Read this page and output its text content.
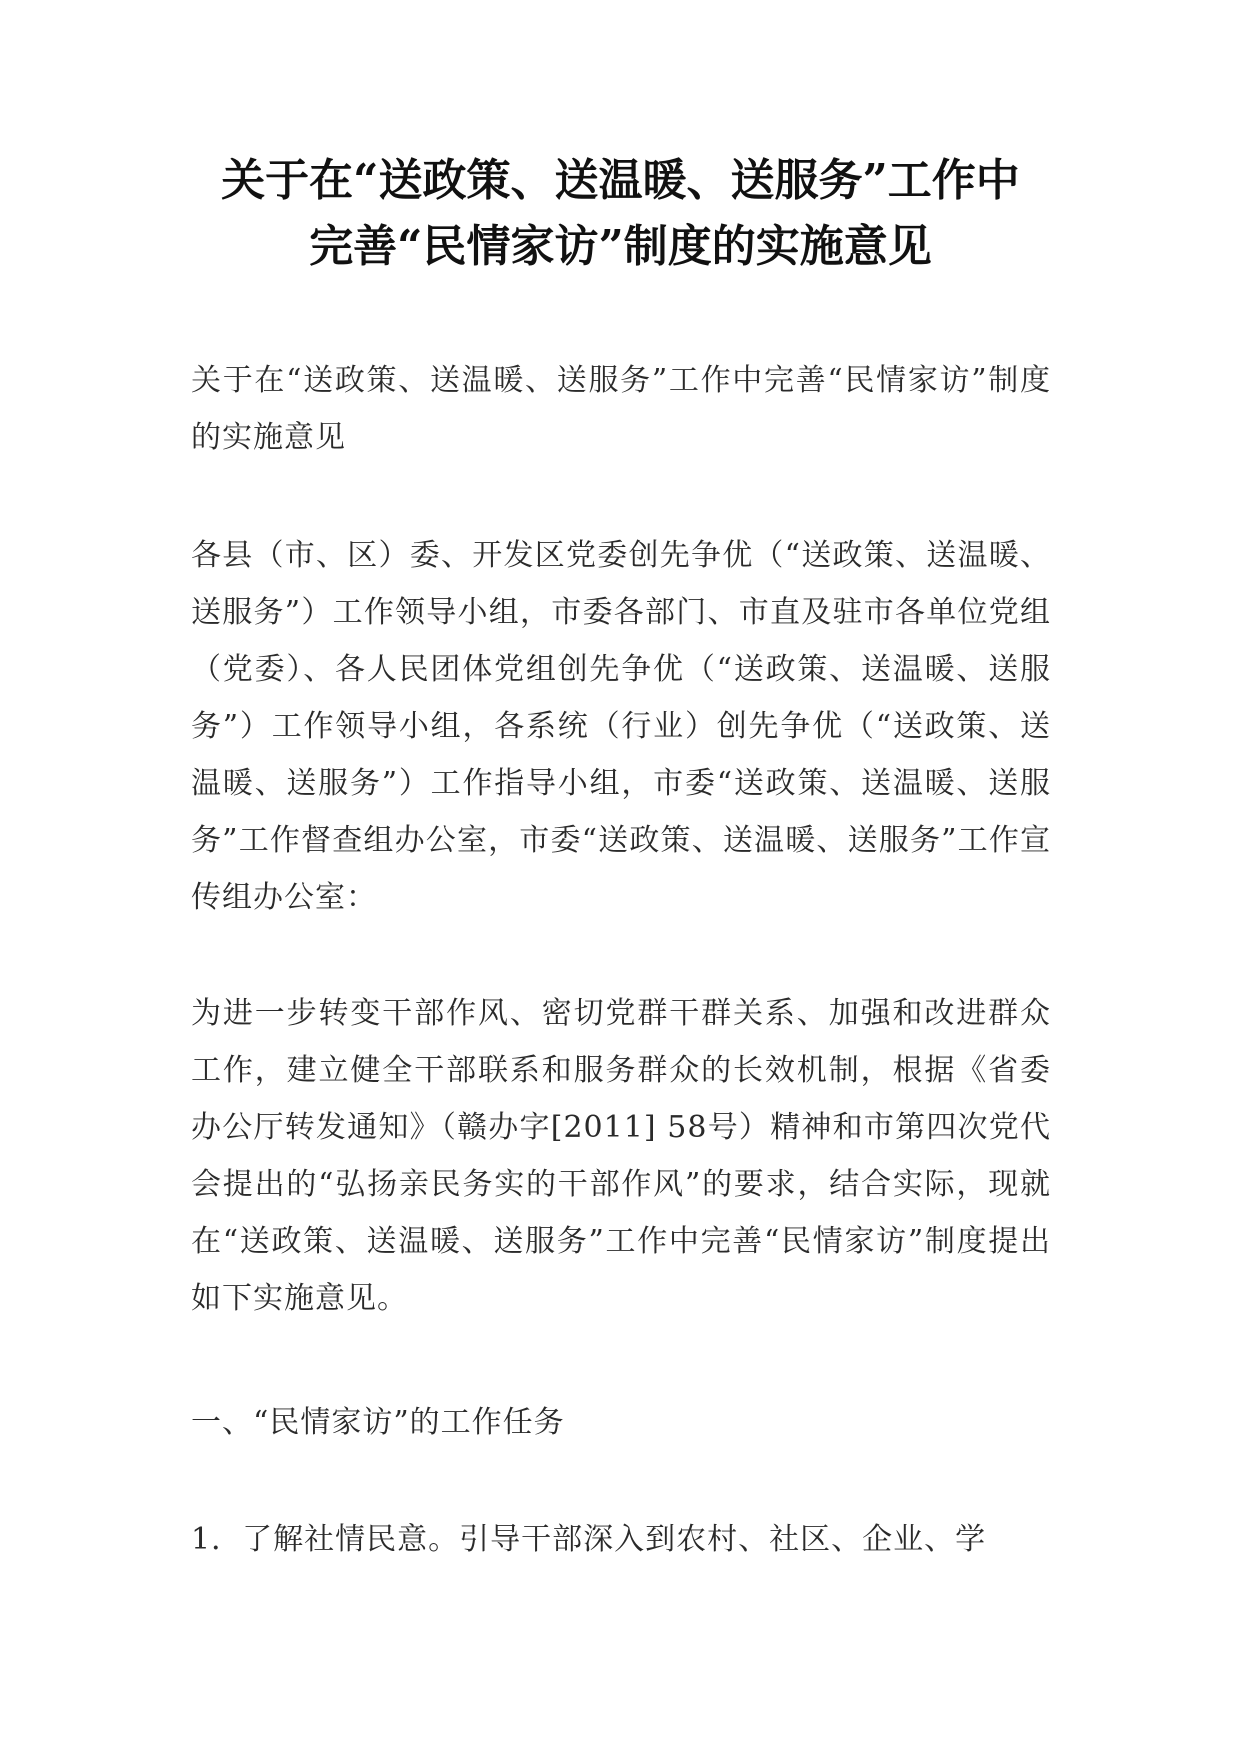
关于在“送政策、送温暖、送服务”工作中
完善“民情家访”制度的实施意见

关于在“送政策、送温暖、送服务”工作中完善“民情家访”制度的实施意见

各县（市、区）委、开发区党委创先争优（“送政策、送温暖、送服务”）工作领导小组，市委各部门、市直及驻市各单位党组（党委）、各人民团体党组创先争优（“送政策、送温暖、送服务”）工作领导小组，各系统（行业）创先争优（“送政策、送温暖、送服务”）工作指导小组，市委“送政策、送温暖、送服务”工作督查组办公室，市委“送政策、送温暖、送服务”工作宣传组办公室：

为进一步转变干部作风、密切党群干群关系、加强和改进群众工作，建立健全干部联系和服务群众的长效机制，根据《省委办公厅转发通知》（赣办字[2011] 58号）精神和市第四次党代会提出的“弘扬亲民务实的干部作风”的要求，结合实际，现就在“送政策、送温暖、送服务”工作中完善“民情家访”制度提出如下实施意见。

一、“民情家访”的工作任务

1．了解社情民意。引导干部深入到农村、社区、企业、学
